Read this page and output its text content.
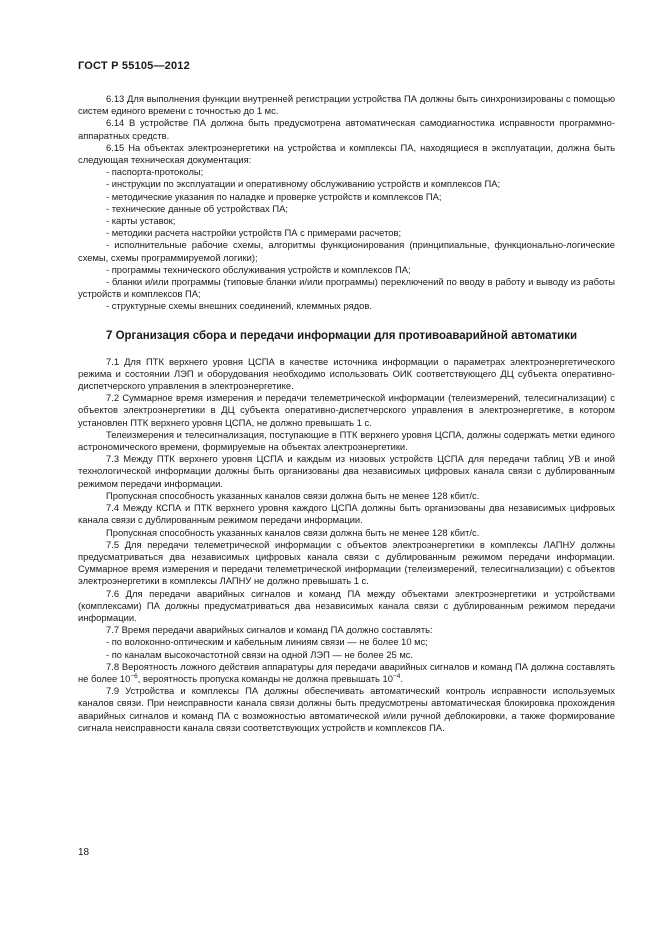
ГОСТ Р 55105—2012

6.13 Для выполнения функции внутренней регистрации устройства ПА должны быть синхронизированы с помощью систем единого времени с точностью до 1 мс.

6.14 В устройстве ПА должна быть предусмотрена автоматическая самодиагностика исправности программно-аппаратных средств.

6.15 На объектах электроэнергетики на устройства и комплексы ПА, находящиеся в эксплуатации, должна быть следующая техническая документация:

- паспорта-протоколы;

- инструкции по эксплуатации и оперативному обслуживанию устройств и комплексов ПА;

- методические указания по наладке и проверке устройств и комплексов ПА;

- технические данные об устройствах ПА;

- карты уставок;

- методики расчета настройки устройств ПА с примерами расчетов;

- исполнительные рабочие схемы, алгоритмы функционирования (принципиальные, функционально-логические схемы, схемы программируемой логики);

- программы технического обслуживания устройств и комплексов ПА;

- бланки и/или программы (типовые бланки и/или программы) переключений по вводу в работу и выводу из работы устройств и комплексов ПА;

- структурные схемы внешних соединений, клеммных рядов.

7 Организация сбора и передачи информации для противоаварийной автоматики

7.1 Для ПТК верхнего уровня ЦСПА в качестве источника информации о параметрах электроэнергетического режима и состоянии ЛЭП и оборудования необходимо использовать ОИК соответствующего ДЦ субъекта оперативно-диспетчерского управления в электроэнергетике.

7.2 Суммарное время измерения и передачи телеметрической информации (телеизмерений, телесигнализации) с объектов электроэнергетики в ДЦ субъекта оперативно-диспетчерского управления в электроэнергетике, в котором установлен ПТК верхнего уровня ЦСПА, не должно превышать 1 с.

Телеизмерения и телесигнализация, поступающие в ПТК верхнего уровня ЦСПА, должны содержать метки единого астрономического времени, формируемые на объектах электроэнергетики.

7.3 Между ПТК верхнего уровня ЦСПА и каждым из низовых устройств ЦСПА для передачи таблиц УВ и иной технологической информации должны быть организованы два независимых цифровых канала связи с дублированным режимом передачи информации.

Пропускная способность указанных каналов связи должна быть не менее 128 кбит/с.

7.4 Между КСПА и ПТК верхнего уровня каждого ЦСПА должны быть организованы два независимых цифровых канала связи с дублированным режимом передачи информации.

Пропускная способность указанных каналов связи должна быть не менее 128 кбит/с.

7.5 Для передачи телеметрической информации с объектов электроэнергетики в комплексы ЛАПНУ должны предусматриваться два независимых цифровых канала связи с дублированным режимом передачи информации. Суммарное время измерения и передачи телеметрической информации (телеизмерений, телесигнализации) с объектов электроэнергетики в комплексы ЛАПНУ не должно превышать 1 с.

7.6 Для передачи аварийных сигналов и команд ПА между объектами электроэнергетики и устройствами (комплексами) ПА должны предусматриваться два независимых канала связи с дублированным режимом передачи информации.

7.7 Время передачи аварийных сигналов и команд ПА должно составлять:

- по волоконно-оптическим и кабельным линиям связи — не более 10 мс;

- по каналам высокочастотной связи на одной ЛЭП — не более 25 мс.

7.8 Вероятность ложного действия аппаратуры для передачи аварийных сигналов и команд ПА должна составлять не более $10^{-6}$, вероятность пропуска команды не должна превышать $10^{-4}$.

7.9 Устройства и комплексы ПА должны обеспечивать автоматический контроль исправности используемых каналов связи. При неисправности канала связи должны быть предусмотрены автоматическая блокировка прохождения аварийных сигналов и команд ПА с возможностью автоматической и/или ручной деблокировки, а также формирование сигнала неисправности канала связи соответствующих устройств и комплексов ПА.

18
